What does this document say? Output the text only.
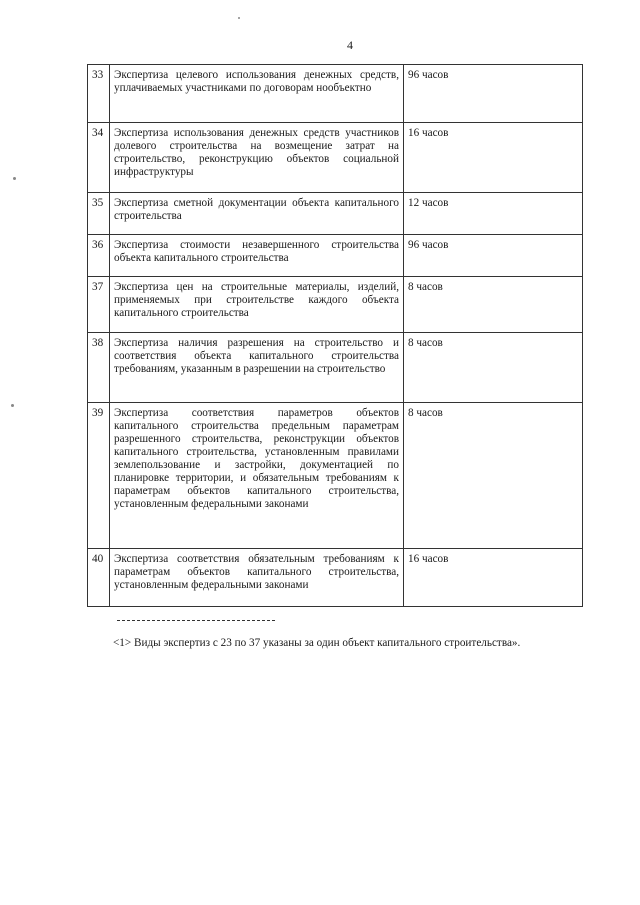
4
33	Экспертиза целевого использования денежных средств, уплачиваемых участниками по договорам нообъектно	96 часов
34	Экспертиза использования денежных средств участников долевого строительства на возмещение затрат на строительство, реконструкцию объектов социальной инфраструктуры	16 часов
35	Экспертиза сметной документации объекта капитального строительства	12 часов
36	Экспертиза стоимости незавершенного строительства объекта капитального строительства	96 часов
37	Экспертиза цен на строительные материалы, изделий, применяемых при строительстве каждого объекта капитального строительства	8 часов
38	Экспертиза наличия разрешения на строительство и соответствия объекта капитального строительства требованиям, указанным в разрешении на строительство	8 часов
39	Экспертиза соответствия параметров объектов капитального строительства предельным параметрам разрешенного строительства, реконструкции объектов капитального строительства, установленным правилами землепользование и застройки, документацией по планировке территории, и обязательным требованиям к параметрам объектов капитального строительства, установленным федеральными законами	8 часов
40	Экспертиза соответствия обязательным требованиям к параметрам объектов капитального строительства, установленным федеральными законами	16 часов
<1> Виды экспертиз с 23 по 37 указаны за один объект капитального строительства».
